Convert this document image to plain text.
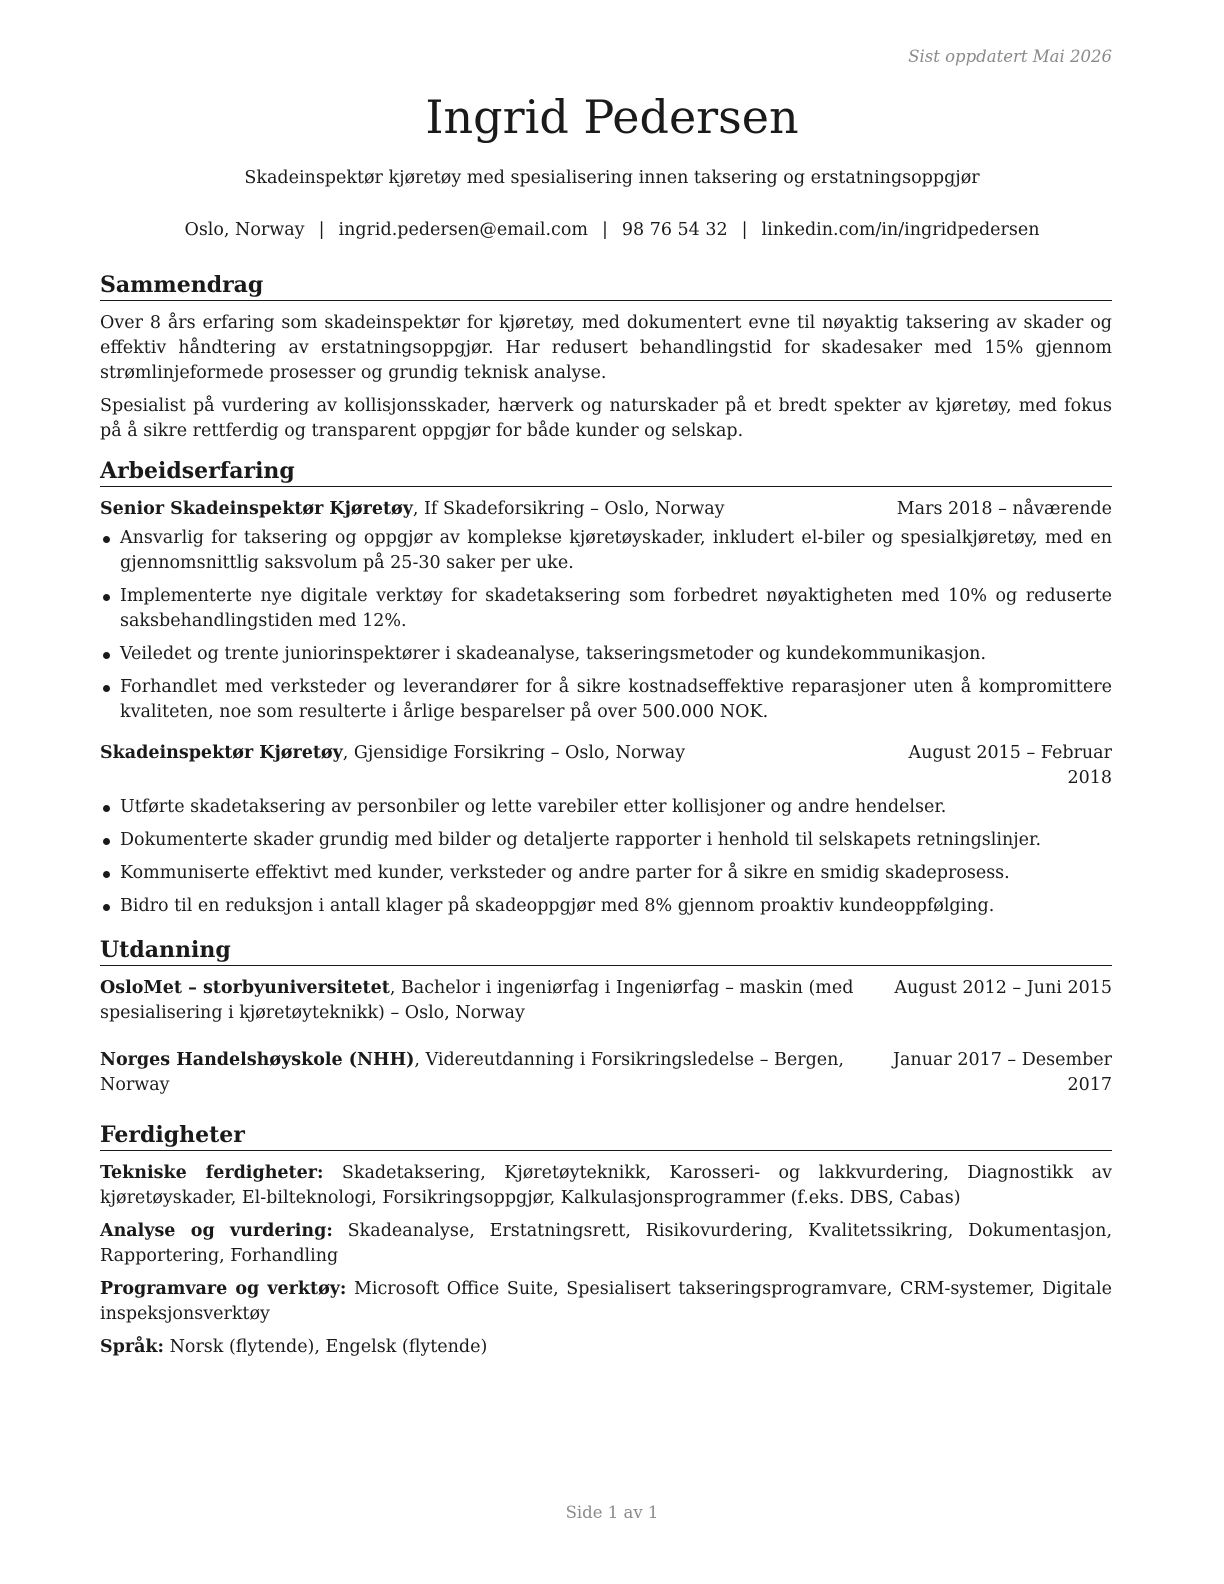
Sist oppdatert Mai 2026
Ingrid Pedersen
Skadeinspektør kjøretøy med spesialisering innen taksering og erstatningsoppgjør
Oslo, Norway | ingrid.pedersen@email.com | 98 76 54 32 | linkedin.com/in/ingridpedersen
Sammendrag

Over 8 års erfaring som skadeinspektør for kjøretøy, med dokumentert evne til nøyaktig taksering av skader og effektiv håndtering av erstatningsoppgjør. Har redusert behandlingstid for skadesaker med 15% gjennom strømlinjeformede prosesser og grundig teknisk analyse.

Spesialist på vurdering av kollisjonsskader, hærverk og naturskader på et bredt spekter av kjøretøy, med fokus på å sikre rettferdig og transparent oppgjør for både kunder og selskap.

Arbeidserfaring
Senior Skadeinspektør Kjøretøy, If Skadeforsikring – Oslo, Norway	Mars 2018 – nåværende
Ansvarlig for taksering og oppgjør av komplekse kjøretøyskader, inkludert el-biler og spesialkjøretøy, med en gjennomsnittlig saksvolum på 25-30 saker per uke.
Implementerte nye digitale verktøy for skadetaksering som forbedret nøyaktigheten med 10% og reduserte saksbehandlingstiden med 12%.
Veiledet og trente juniorinspektører i skadeanalyse, takseringsmetoder og kundekommunikasjon.
Forhandlet med verksteder og leverandører for å sikre kostnadseffektive reparasjoner uten å kompromittere kvaliteten, noe som resulterte i årlige besparelser på over 500.000 NOK.
Skadeinspektør Kjøretøy, Gjensidige Forsikring – Oslo, Norway	August 2015 – Februar 2018
Utførte skadetaksering av personbiler og lette varebiler etter kollisjoner og andre hendelser.
Dokumenterte skader grundig med bilder og detaljerte rapporter i henhold til selskapets retningslinjer.
Kommuniserte effektivt med kunder, verksteder og andre parter for å sikre en smidig skadeprosess.
Bidro til en reduksjon i antall klager på skadeoppgjør med 8% gjennom proaktiv kundeoppfølging.
Utdanning
OsloMet – storbyuniversitetet, Bachelor i ingeniørfag i Ingeniørfag – maskin (med spesialisering i kjøretøyteknikk) – Oslo, Norway
August 2012 – Juni 2015
Norges Handelshøyskole (NHH), Videreutdanning i Forsikringsledelse – Bergen, Norway
Januar 2017 – Desember 2017
Ferdigheter

Tekniske ferdigheter: Skadetaksering, Kjøretøyteknikk, Karosseri- og lakkvurdering, Diagnostikk av kjøretøyskader, El-bilteknologi, Forsikringsoppgjør, Kalkulasjonsprogrammer (f.eks. DBS, Cabas)

Analyse og vurdering: Skadeanalyse, Erstatningsrett, Risikovurdering, Kvalitetssikring, Dokumentasjon, Rapportering, Forhandling

Programvare og verktøy: Microsoft Office Suite, Spesialisert takseringsprogramvare, CRM-systemer, Digitale inspeksjonsverktøy

Språk: Norsk (flytende), Engelsk (flytende)

Side 1 av 1
